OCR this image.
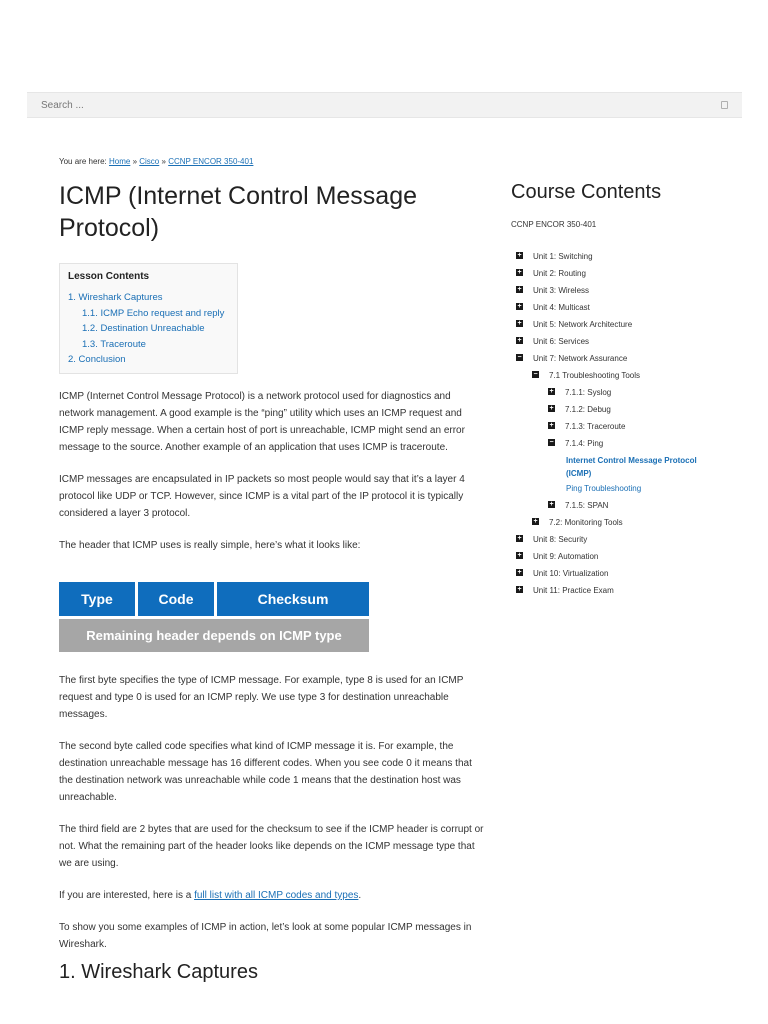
Search ...
You are here: Home » Cisco » CCNP ENCOR 350-401
ICMP (Internet Control Message Protocol)
Lesson Contents
1. Wireshark Captures
1.1. ICMP Echo request and reply
1.2. Destination Unreachable
1.3. Traceroute
2. Conclusion

ICMP (Internet Control Message Protocol) is a network protocol used for diagnostics and network management. A good example is the “ping” utility which uses an ICMP request and ICMP reply message. When a certain host of port is unreachable, ICMP might send an error message to the source. Another example of an application that uses ICMP is traceroute.

ICMP messages are encapsulated in IP packets so most people would say that it’s a layer 4 protocol like UDP or TCP. However, since ICMP is a vital part of the IP protocol it is typically considered a layer 3 protocol.

The header that ICMP uses is really simple, here’s what it looks like:

The first byte specifies the type of ICMP message. For example, type 8 is used for an ICMP request and type 0 is used for an ICMP reply. We use type 3 for destination unreachable messages.

The second byte called code specifies what kind of ICMP message it is. For example, the destination unreachable message has 16 different codes. When you see code 0 it means that the destination network was unreachable while code 1 means that the destination host was unreachable.

The third field are 2 bytes that are used for the checksum to see if the ICMP header is corrupt or not. What the remaining part of the header looks like depends on the ICMP message type that we are using.

If you are interested, here is a full list with all ICMP codes and types.

To show you some examples of ICMP in action, let’s look at some popular ICMP messages in Wireshark.

Type	Code	Checksum
Remaining header depends on ICMP type
1. Wireshark Captures
Course Contents
CCNP ENCOR 350-401
+ Unit 1: Switching
+ Unit 2: Routing
+ Unit 3: Wireless
+ Unit 4: Multicast
+ Unit 5: Network Architecture
+ Unit 6: Services
− Unit 7: Network Assurance
− 7.1 Troubleshooting Tools
+ 7.1.1: Syslog
+ 7.1.2: Debug
+ 7.1.3: Traceroute
− 7.1.4: Ping
Internet Control Message Protocol (ICMP)
Ping Troubleshooting
+ 7.1.5: SPAN
+ 7.2: Monitoring Tools
+ Unit 8: Security
+ Unit 9: Automation
+ Unit 10: Virtualization
+ Unit 11: Practice Exam
